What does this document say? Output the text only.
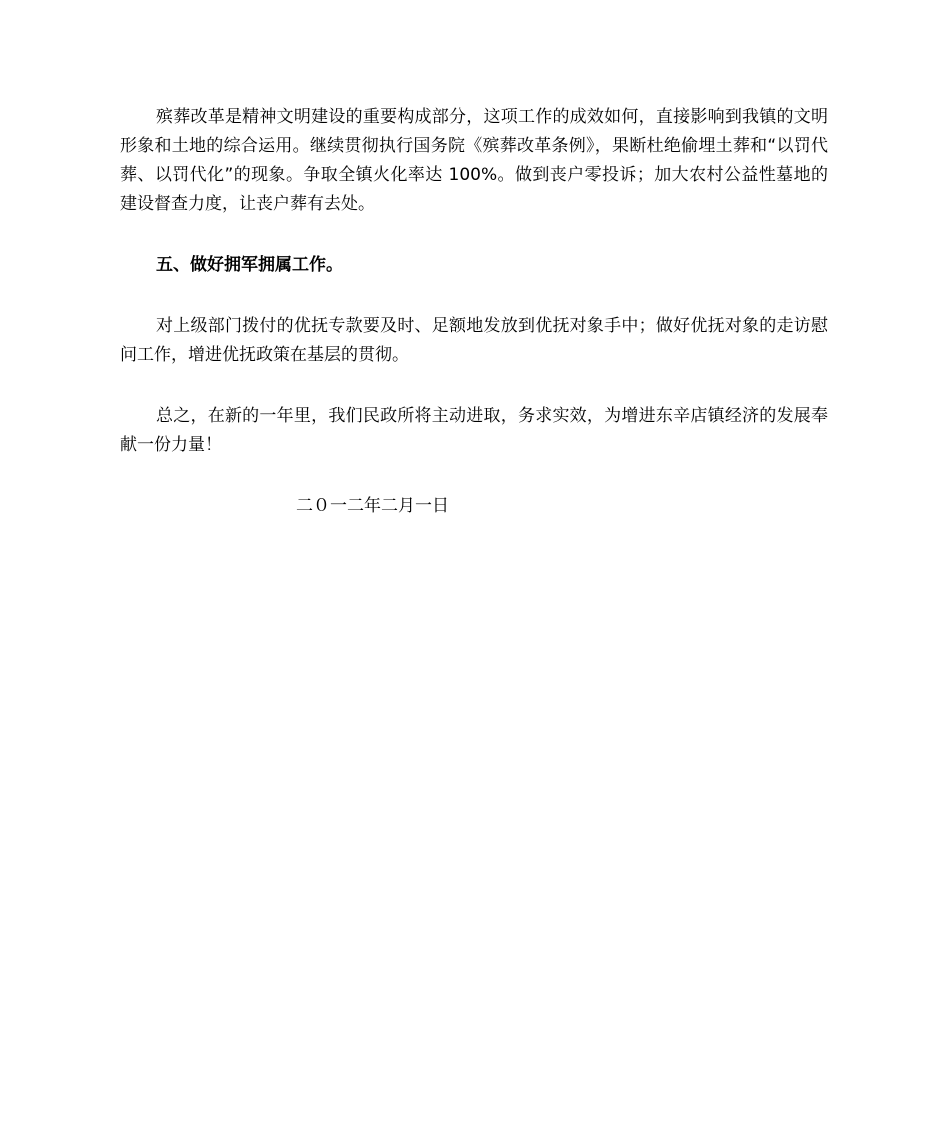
殡葬改革是精神文明建设的重要构成部分，这项工作的成效如何，直接影响到我镇的文明形象和土地的综合运用。继续贯彻执行国务院《殡葬改革条例》，果断杜绝偷埋土葬和“以罚代葬、以罚代化”的现象。争取全镇火化率达 100%。做到丧户零投诉；加大农村公益性墓地的建设督查力度，让丧户葬有去处。

五、做好拥军拥属工作。

对上级部门拨付的优抚专款要及时、足额地发放到优抚对象手中；做好优抚对象的走访慰问工作，增进优抚政策在基层的贯彻。

总之，在新的一年里，我们民政所将主动进取，务求实效，为增进东辛店镇经济的发展奉献一份力量！

二０一二年二月一日
